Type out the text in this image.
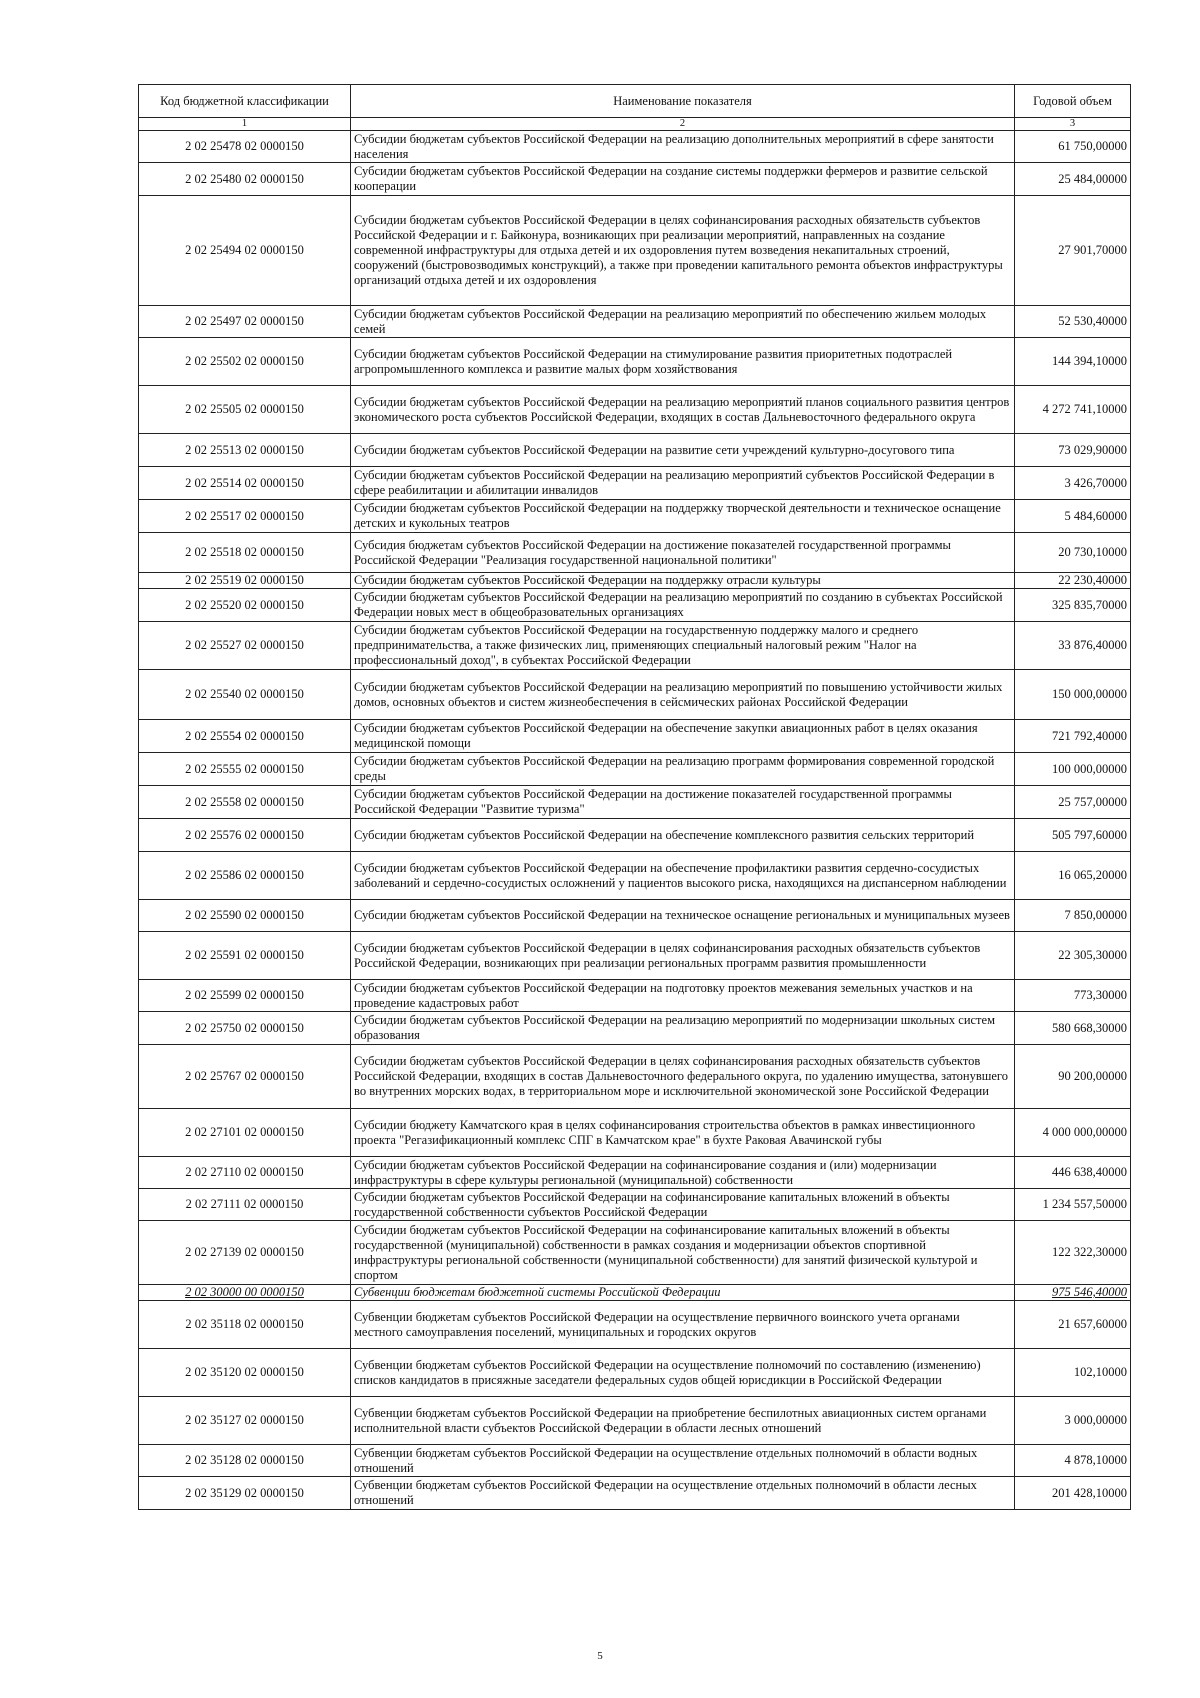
Код бюджетной классификации	Наименование показателя	Годовой объем
1	2	3
2 02 25478 02 0000150	Субсидии бюджетам субъектов Российской Федерации на реализацию дополнительных мероприятий в сфере занятости населения	61 750,00000
2 02 25480 02 0000150	Субсидии бюджетам субъектов Российской Федерации на создание системы поддержки фермеров и развитие сельской кооперации	25 484,00000
2 02 25494 02 0000150	Субсидии бюджетам субъектов Российской Федерации в целях софинансирования расходных обязательств субъектов Российской Федерации и г. Байконура, возникающих при реализации мероприятий, направленных на создание современной инфраструктуры для отдыха детей и их оздоровления путем возведения некапитальных строений, сооружений (быстровозводимых конструкций), а также при проведении капитального ремонта объектов инфраструктуры организаций отдыха детей и их оздоровления	27 901,70000
2 02 25497 02 0000150	Субсидии бюджетам субъектов Российской Федерации на реализацию мероприятий по обеспечению жильем молодых семей	52 530,40000
2 02 25502 02 0000150	Субсидии бюджетам субъектов Российской Федерации на стимулирование развития приоритетных подотраслей агропромышленного комплекса и развитие малых форм хозяйствования	144 394,10000
2 02 25505 02 0000150	Субсидии бюджетам субъектов Российской Федерации на реализацию мероприятий планов социального развития центров экономического роста субъектов Российской Федерации, входящих в состав Дальневосточного федерального округа	4 272 741,10000
2 02 25513 02 0000150	Субсидии бюджетам субъектов Российской Федерации на развитие сети учреждений культурно-досугового типа	73 029,90000
2 02 25514 02 0000150	Субсидии бюджетам субъектов Российской Федерации на реализацию мероприятий субъектов Российской Федерации в сфере реабилитации и абилитации инвалидов	3 426,70000
2 02 25517 02 0000150	Субсидии бюджетам субъектов Российской Федерации на поддержку творческой деятельности и техническое оснащение детских и кукольных театров	5 484,60000
2 02 25518 02 0000150	Субсидия бюджетам субъектов Российской Федерации на достижение показателей государственной программы Российской Федерации "Реализация государственной национальной политики"	20 730,10000
2 02 25519 02 0000150	Субсидии бюджетам субъектов Российской Федерации на поддержку отрасли культуры	22 230,40000
2 02 25520 02 0000150	Субсидии бюджетам субъектов Российской Федерации на реализацию мероприятий по созданию в субъектах Российской Федерации новых мест в общеобразовательных организациях	325 835,70000
2 02 25527 02 0000150	Субсидии бюджетам субъектов Российской Федерации на государственную поддержку малого и среднего предпринимательства, а также физических лиц, применяющих специальный налоговый режим "Налог на профессиональный доход", в субъектах Российской Федерации	33 876,40000
2 02 25540 02 0000150	Субсидии бюджетам субъектов Российской Федерации на реализацию мероприятий по повышению устойчивости жилых домов, основных объектов и систем жизнеобеспечения в сейсмических районах Российской Федерации	150 000,00000
2 02 25554 02 0000150	Субсидии бюджетам субъектов Российской Федерации на обеспечение закупки авиационных работ в целях оказания медицинской помощи	721 792,40000
2 02 25555 02 0000150	Субсидии бюджетам субъектов Российской Федерации на реализацию программ формирования современной городской среды	100 000,00000
2 02 25558 02 0000150	Субсидии бюджетам субъектов Российской Федерации на достижение показателей государственной программы Российской Федерации "Развитие туризма"	25 757,00000
2 02 25576 02 0000150	Субсидии бюджетам субъектов Российской Федерации на обеспечение комплексного развития сельских территорий	505 797,60000
2 02 25586 02 0000150	Субсидии бюджетам субъектов Российской Федерации на обеспечение профилактики развития сердечно-сосудистых заболеваний и сердечно-сосудистых осложнений у пациентов высокого риска, находящихся на диспансерном наблюдении	16 065,20000
2 02 25590 02 0000150	Субсидии бюджетам субъектов Российской Федерации на техническое оснащение региональных и муниципальных музеев	7 850,00000
2 02 25591 02 0000150	Субсидии бюджетам субъектов Российской Федерации в целях софинансирования расходных обязательств субъектов Российской Федерации, возникающих при реализации региональных программ развития промышленности	22 305,30000
2 02 25599 02 0000150	Субсидии бюджетам субъектов Российской Федерации на подготовку проектов межевания земельных участков и на проведение кадастровых работ	773,30000
2 02 25750 02 0000150	Субсидии бюджетам субъектов Российской Федерации на реализацию мероприятий по модернизации школьных систем образования	580 668,30000
2 02 25767 02 0000150	Субсидии бюджетам субъектов Российской Федерации в целях софинансирования расходных обязательств субъектов Российской Федерации, входящих в состав Дальневосточного федерального округа, по удалению имущества, затонувшего во внутренних морских водах, в территориальном море и исключительной экономической зоне Российской Федерации	90 200,00000
2 02 27101 02 0000150	Субсидии бюджету Камчатского края в целях софинансирования строительства объектов в рамках инвестиционного проекта "Регазификационный комплекс СПГ в Камчатском крае" в бухте Раковая Авачинской губы	4 000 000,00000
2 02 27110 02 0000150	Субсидии бюджетам субъектов Российской Федерации на софинансирование создания и (или) модернизации инфраструктуры в сфере культуры региональной (муниципальной) собственности	446 638,40000
2 02 27111 02 0000150	Субсидии бюджетам субъектов Российской Федерации на софинансирование капитальных вложений в объекты государственной собственности субъектов Российской Федерации	1 234 557,50000
2 02 27139 02 0000150	Субсидии бюджетам субъектов Российской Федерации на софинансирование капитальных вложений в объекты государственной (муниципальной) собственности в рамках создания и модернизации объектов спортивной инфраструктуры региональной собственности (муниципальной собственности) для занятий физической культурой и спортом	122 322,30000
2 02 30000 00 0000150	Субвенции бюджетам бюджетной системы Российской Федерации	975 546,40000
2 02 35118 02 0000150	Субвенции бюджетам субъектов Российской Федерации на осуществление первичного воинского учета органами местного самоуправления поселений, муниципальных и городских округов	21 657,60000
2 02 35120 02 0000150	Субвенции бюджетам субъектов Российской Федерации на осуществление полномочий по составлению (изменению) списков кандидатов в присяжные заседатели федеральных судов общей юрисдикции в Российской Федерации	102,10000
2 02 35127 02 0000150	Субвенции бюджетам субъектов Российской Федерации на приобретение беспилотных авиационных систем органами исполнительной власти субъектов Российской Федерации в области лесных отношений	3 000,00000
2 02 35128 02 0000150	Субвенции бюджетам субъектов Российской Федерации на осуществление отдельных полномочий в области водных отношений	4 878,10000
2 02 35129 02 0000150	Субвенции бюджетам субъектов Российской Федерации на осуществление отдельных полномочий в области лесных отношений	201 428,10000
5
